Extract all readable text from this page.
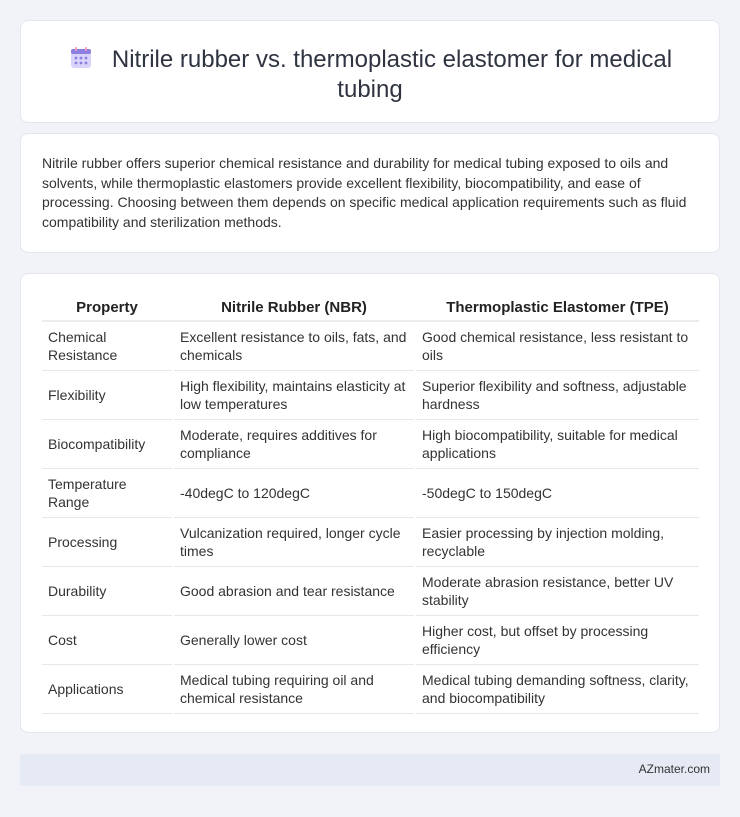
Nitrile rubber vs. thermoplastic elastomer for medical tubing

Nitrile rubber offers superior chemical resistance and durability for medical tubing exposed to oils and solvents, while thermoplastic elastomers provide excellent flexibility, biocompatibility, and ease of processing. Choosing between them depends on specific medical application requirements such as fluid compatibility and sterilization methods.

Property	Nitrile Rubber (NBR)	Thermoplastic Elastomer (TPE)
Chemical Resistance	Excellent resistance to oils, fats, and chemicals	Good chemical resistance, less resistant to oils
Flexibility	High flexibility, maintains elasticity at low temperatures	Superior flexibility and softness, adjustable hardness
Biocompatibility	Moderate, requires additives for compliance	High biocompatibility, suitable for medical applications
Temperature Range	-40degC to 120degC	-50degC to 150degC
Processing	Vulcanization required, longer cycle times	Easier processing by injection molding, recyclable
Durability	Good abrasion and tear resistance	Moderate abrasion resistance, better UV stability
Cost	Generally lower cost	Higher cost, but offset by processing efficiency
Applications	Medical tubing requiring oil and chemical resistance	Medical tubing demanding softness, clarity, and biocompatibility
AZmater.com
